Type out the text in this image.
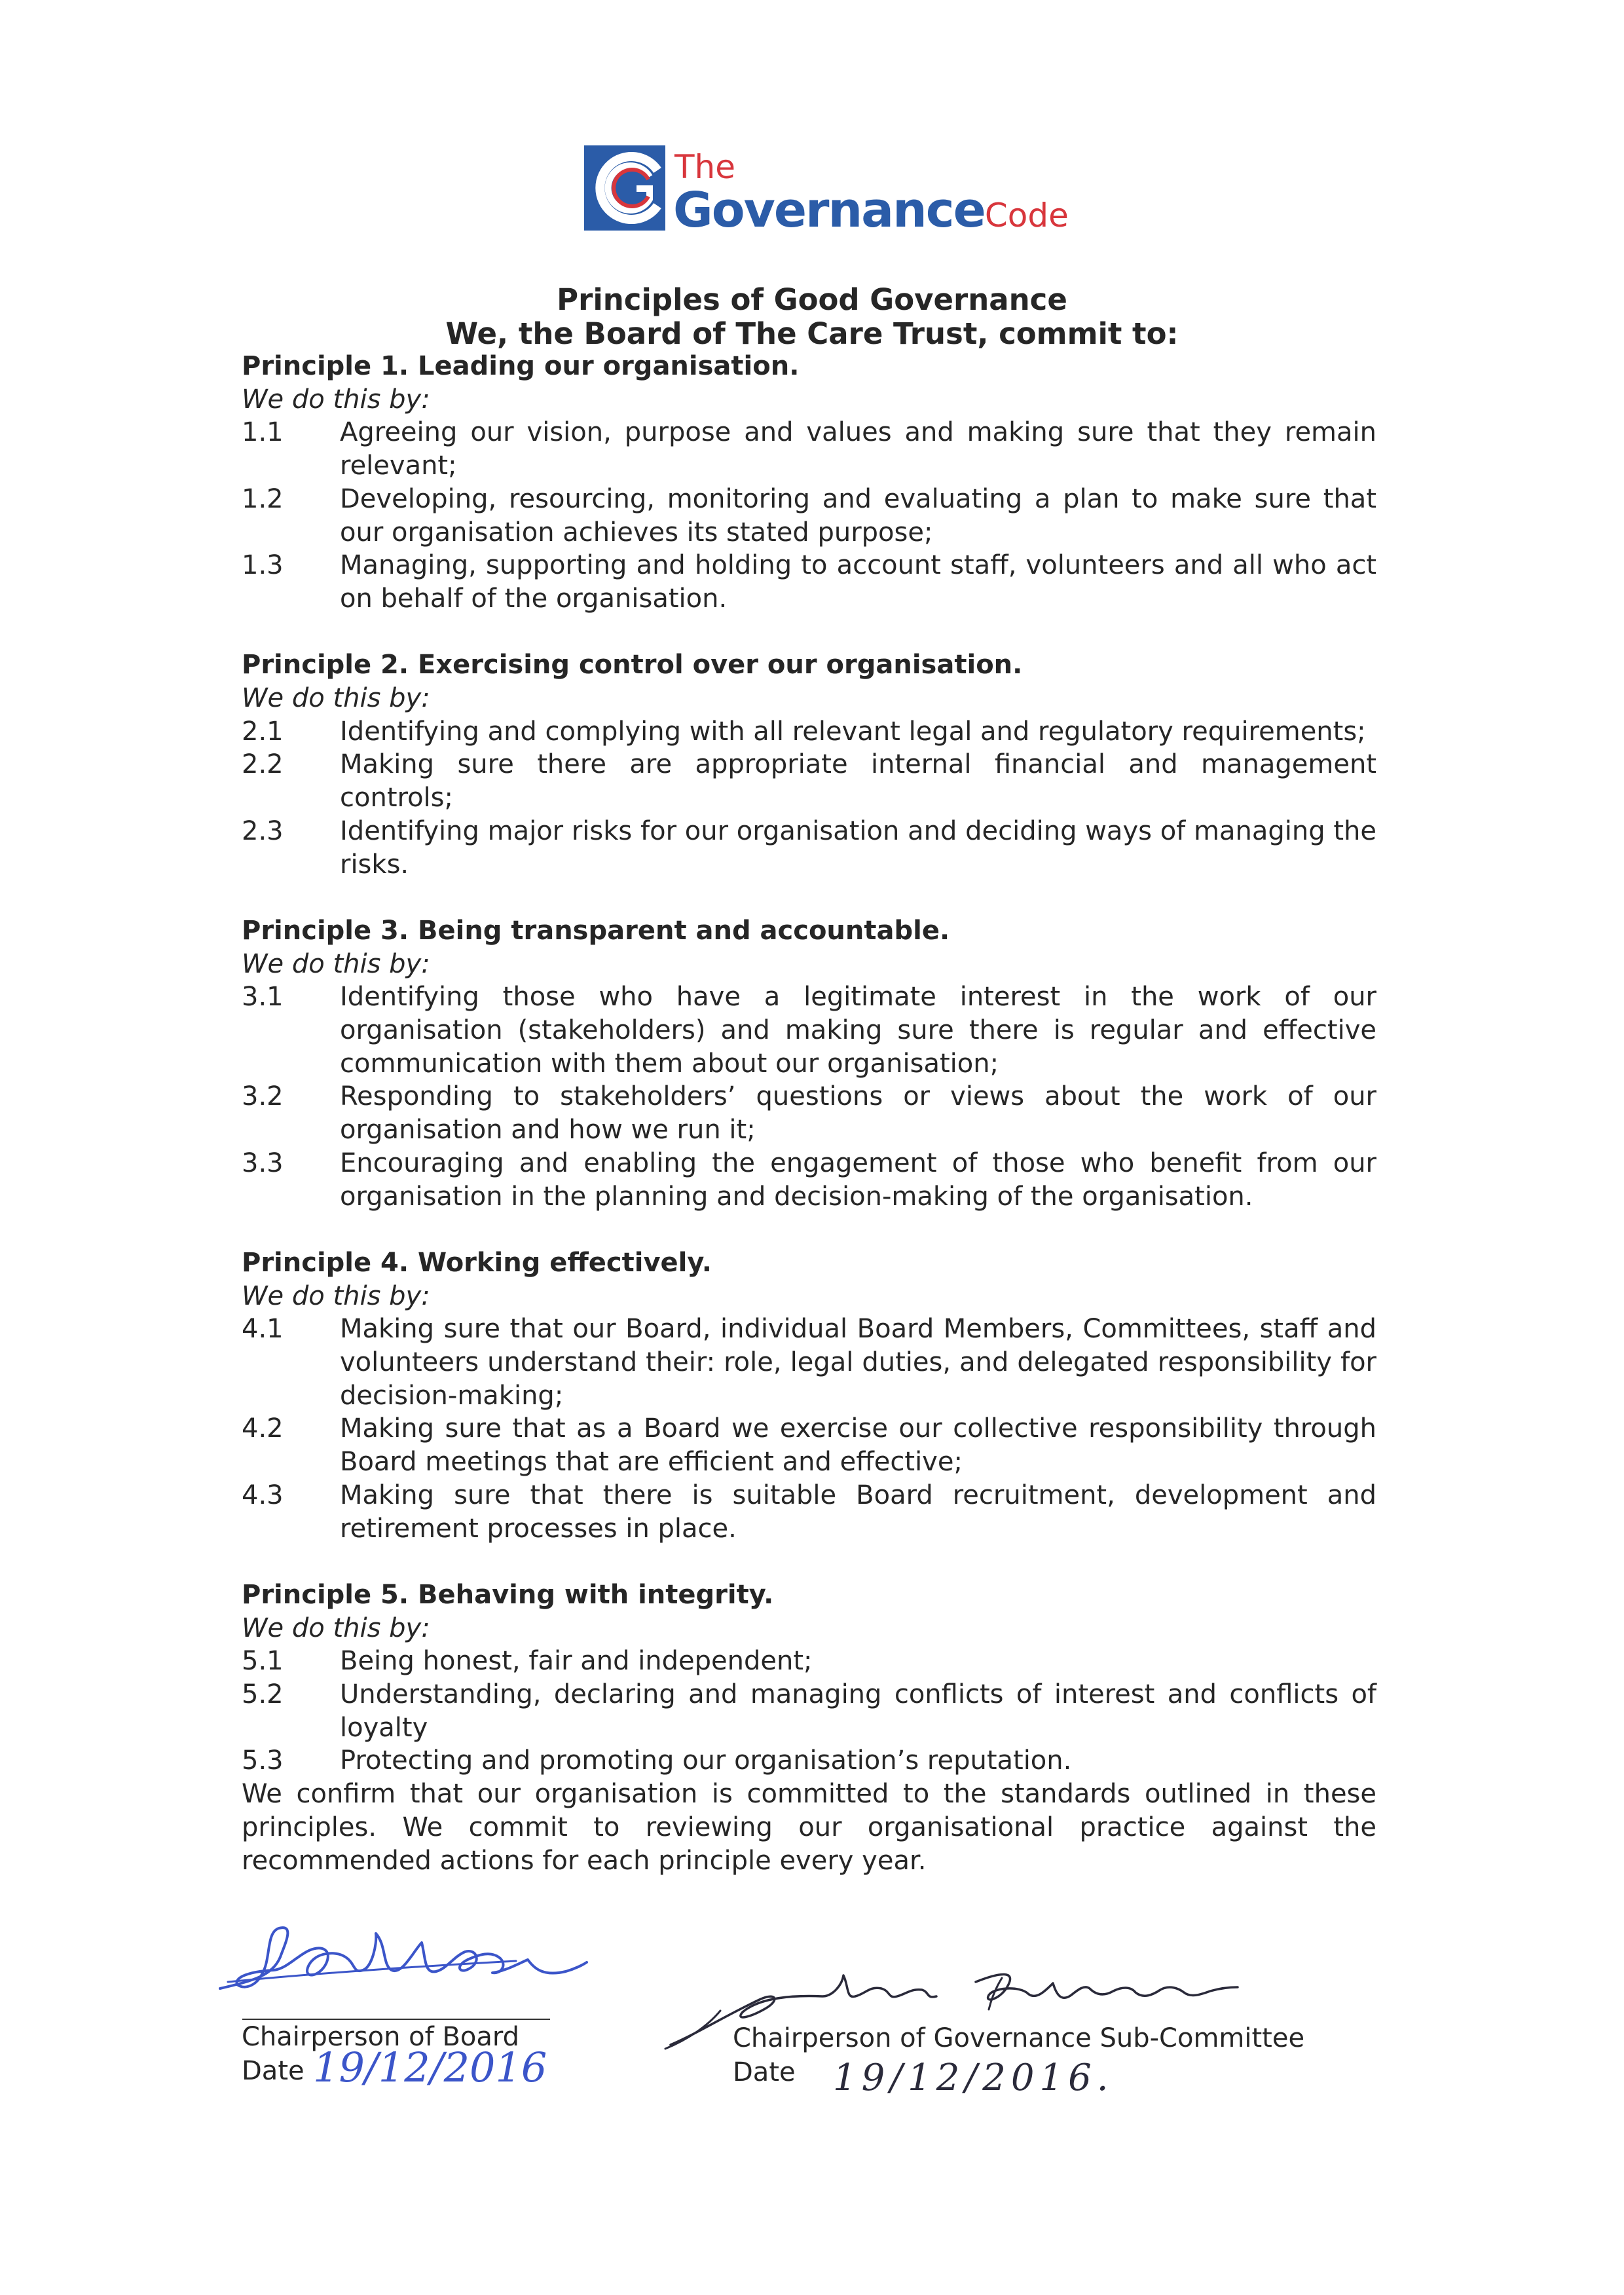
The
GovernanceCode
Principles of Good Governance
We, the Board of The Care Trust, commit to:
Principle 1. Leading our organisation.
We do this by:
1.1	Agreeing our vision, purpose and values and making sure that they remain relevant;
1.2	Developing, resourcing, monitoring and evaluating a plan to make sure that our organisation achieves its stated purpose;
1.3	Managing, supporting and holding to account staff, volunteers and all who act on behalf of the organisation.
Principle 2. Exercising control over our organisation.
We do this by:
2.1	Identifying and complying with all relevant legal and regulatory requirements;
2.2	Making sure there are appropriate internal financial and management controls;
2.3	Identifying major risks for our organisation and deciding ways of managing the risks.
Principle 3. Being transparent and accountable.
We do this by:
3.1	Identifying those who have a legitimate interest in the work of our organisation (stakeholders) and making sure there is regular and effective communication with them about our organisation;
3.2	Responding to stakeholders’ questions or views about the work of our organisation and how we run it;
3.3	Encouraging and enabling the engagement of those who benefit from our organisation in the planning and decision-making of the organisation.
Principle 4. Working effectively.
We do this by:
4.1	Making sure that our Board, individual Board Members, Committees, staff and volunteers understand their: role, legal duties, and delegated responsibility for decision-making;
4.2	Making sure that as a Board we exercise our collective responsibility through Board meetings that are efficient and effective;
4.3	Making sure that there is suitable Board recruitment, development and retirement processes in place.
Principle 5. Behaving with integrity.
We do this by:
5.1	Being honest, fair and independent;
5.2	Understanding, declaring and managing conflicts of interest and conflicts of loyalty
5.3	Protecting and promoting our organisation’s reputation.
We confirm that our organisation is committed to the standards outlined in these principles. We commit to reviewing our organisational practice against the recommended actions for each principle every year.
Chairperson of Board
Date 19/12/2016
Chairperson of Governance Sub-Committee
Date 19/12/2016.
